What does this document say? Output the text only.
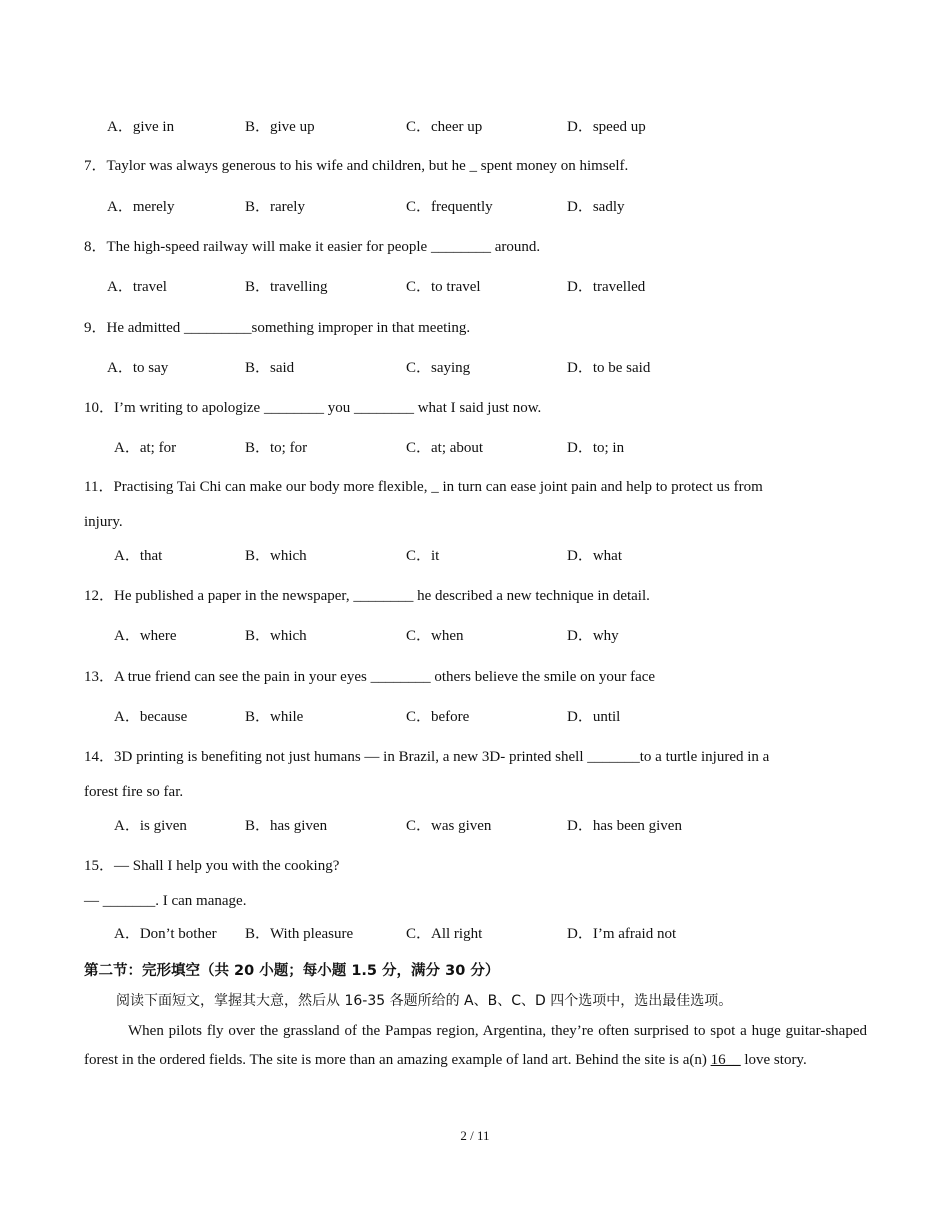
A．give in	B．give up	C．cheer up	D．speed up
7．Taylor was always generous to his wife and children, but he _ spent money on himself.
A．merely	B．rarely	C．frequently	D．sadly
8．The high-speed railway will make it easier for people ________ around.
A．travel	B．travelling	C．to travel	D．travelled
9．He admitted _________something improper in that meeting.
A．to say	B．said	C．saying	D．to be said
10．I’m writing to apologize ________ you ________ what I said just now.
A．at; for	B．to; for	C．at; about	D．to; in
11．Practising Tai Chi can make our body more flexible, _ in turn can ease joint pain and help to protect us from
injury.
A．that	B．which	C．it	D．what
12．He published a paper in the newspaper, ________ he described a new technique in detail.
A．where	B．which	C．when	D．why
13．A true friend can see the pain in your eyes ________ others believe the smile on your face
A．because	B．while	C．before	D．until
14．3D printing is benefiting not just humans — in Brazil, a new 3D- printed shell _______to a turtle injured in a
forest fire so far.
A．is given	B．has given	C．was given	D．has been given
15．— Shall I help you with the cooking?
— _______. I can manage.
A．Don’t bother B．With pleasure	C．All right	D．I’m afraid not
第二节：完形填空（共 20 小题；每小题 1.5 分，满分 30 分）
阅读下面短文，掌握其大意，然后从 16-35 各题所给的 A、B、C、D 四个选项中，选出最佳选项。
When pilots fly over the grassland of the Pampas region, Argentina, they’re often surprised to spot a huge guitar-shaped forest in the ordered fields. The site is more than an amazing example of land art. Behind the site is a(n) 16__ love story.
2 / 11
